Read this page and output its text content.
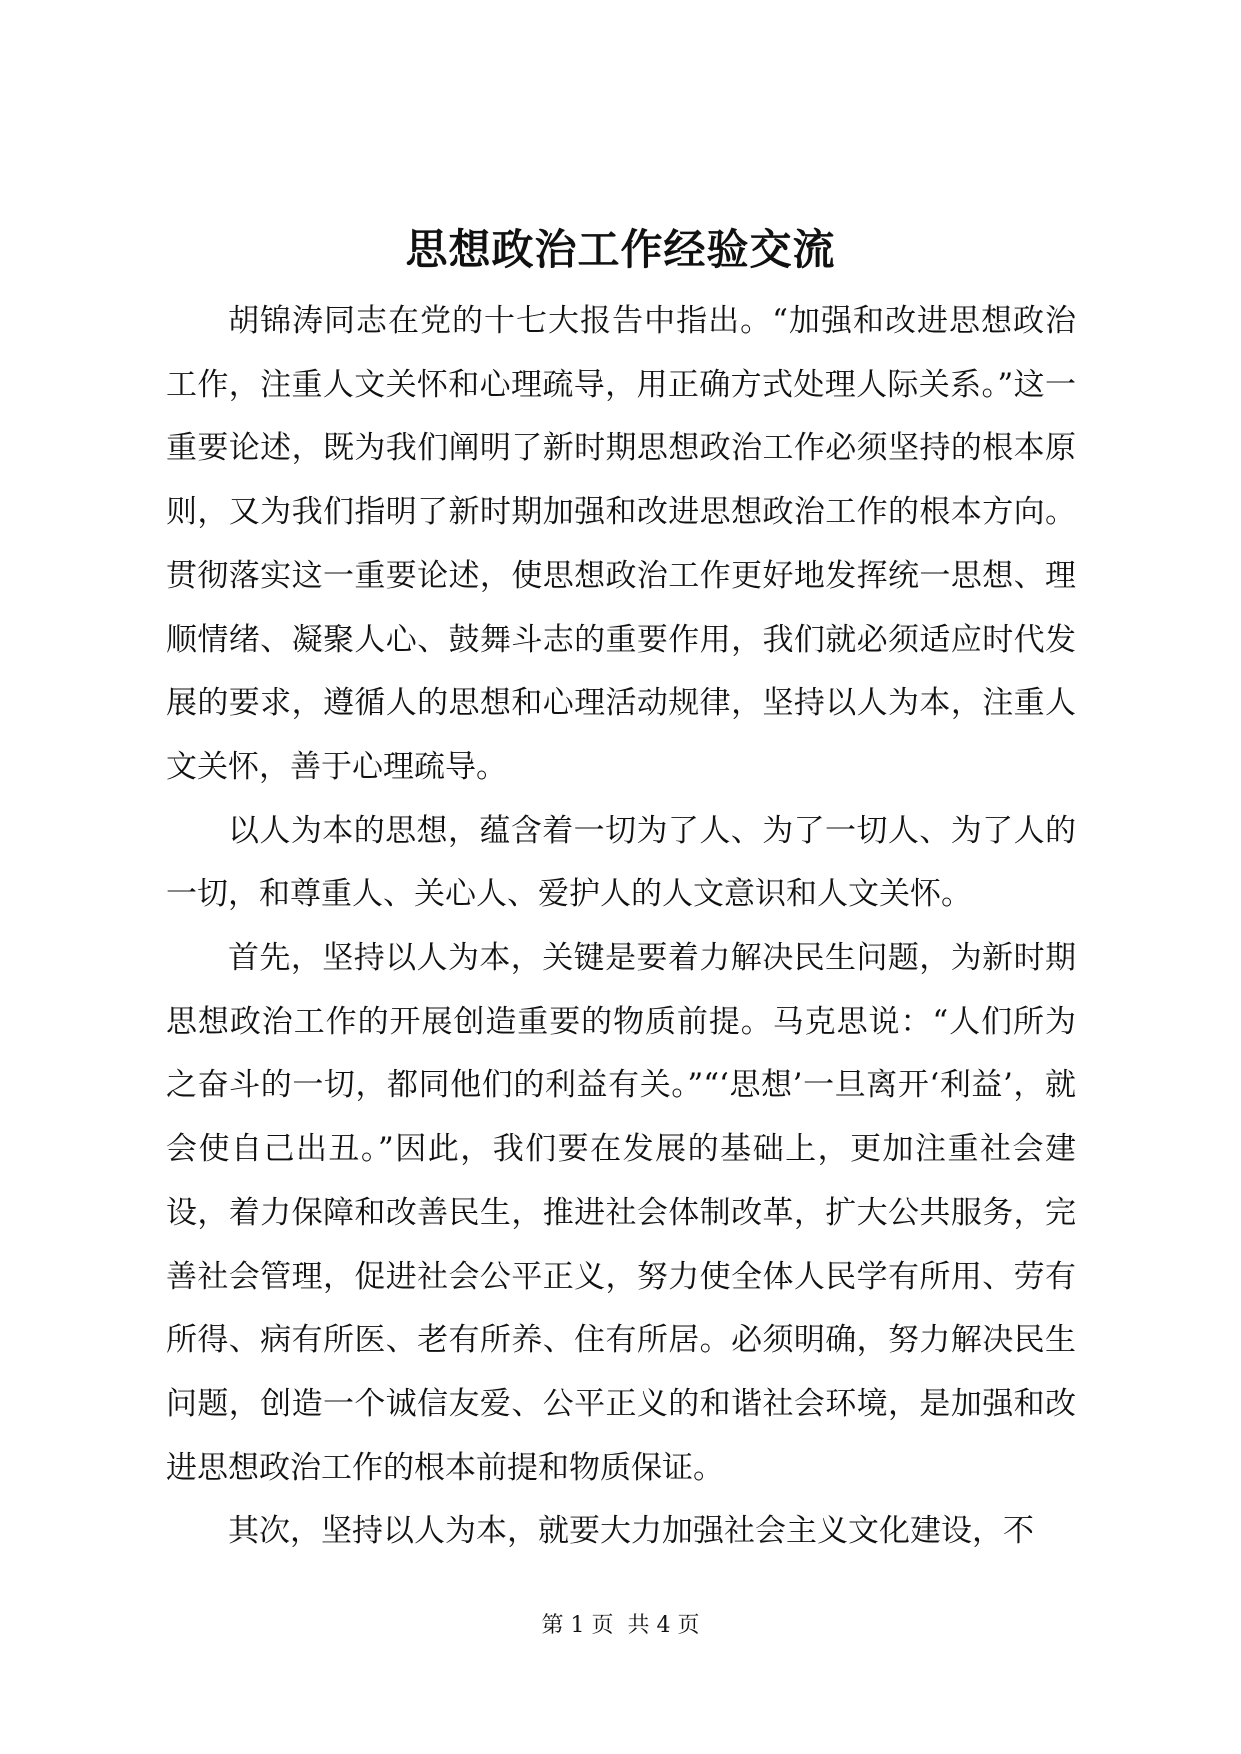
思想政治工作经验交流

胡锦涛同志在党的十七大报告中指出。“加强和改进思想政治工作，注重人文关怀和心理疏导，用正确方式处理人际关系。”这一重要论述，既为我们阐明了新时期思想政治工作必须坚持的根本原则，又为我们指明了新时期加强和改进思想政治工作的根本方向。贯彻落实这一重要论述，使思想政治工作更好地发挥统一思想、理顺情绪、凝聚人心、鼓舞斗志的重要作用，我们就必须适应时代发展的要求，遵循人的思想和心理活动规律，坚持以人为本，注重人文关怀，善于心理疏导。

以人为本的思想，蕴含着一切为了人、为了一切人、为了人的一切，和尊重人、关心人、爱护人的人文意识和人文关怀。

首先，坚持以人为本，关键是要着力解决民生问题，为新时期思想政治工作的开展创造重要的物质前提。马克思说：“人们所为之奋斗的一切，都同他们的利益有关。”“‘思想’一旦离开‘利益’，就会使自己出丑。”因此，我们要在发展的基础上，更加注重社会建设，着力保障和改善民生，推进社会体制改革，扩大公共服务，完善社会管理，促进社会公平正义，努力使全体人民学有所用、劳有所得、病有所医、老有所养、住有所居。必须明确，努力解决民生问题，创造一个诚信友爱、公平正义的和谐社会环境，是加强和改进思想政治工作的根本前提和物质保证。

其次，坚持以人为本，就要大力加强社会主义文化建设，不

第 1 页  共 4 页
